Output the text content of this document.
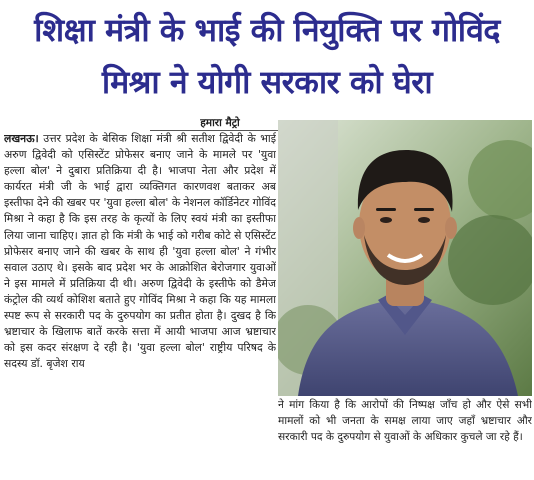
शिक्षा मंत्री के भाई की नियुक्ति पर गोविंद
मिश्रा ने योगी सरकार को घेरा
हमारा मैट्रो

लखनऊ। उत्तर प्रदेश के बेसिक शिक्षा मंत्री श्री सतीश द्विवेदी के भाई अरुण द्विवेदी को एसिस्टेंट प्रोफेसर बनाए जाने के मामले पर 'युवा हल्ला बोल' ने दुबारा प्रतिक्रिया दी है। भाजपा नेता और प्रदेश में कार्यरत मंत्री जी के भाई द्वारा व्यक्तिगत कारणवश बताकर अब इस्तीफा देने की खबर पर 'युवा हल्ला बोल' के नेशनल कॉर्डिनेटर गोविंद मिश्रा ने कहा है कि इस तरह के कृत्यों के लिए स्वयं मंत्री का इस्तीफा लिया जाना चाहिए। ज्ञात हो कि मंत्री के भाई को गरीब कोटे से एसिस्टेंट प्रोफेसर बनाए जाने की खबर के साथ ही 'युवा हल्ला बोल' ने गंभीर सवाल उठाए थे। इसके बाद प्रदेश भर के आक्रोशित बेरोजगार युवाओं ने इस मामले में प्रतिक्रिया दी थी। अरुण द्विवेदी के इस्तीफे को डैमेज कंट्रोल की व्यर्थ कोशिश बताते हुए गोविंद मिश्रा ने कहा कि यह मामला स्पष्ट रूप से सरकारी पद के दुरुपयोग का प्रतीत होता है। दुखद है कि भ्रष्टाचार के खिलाफ बातें करके सत्ता में आयी भाजपा आज भ्रष्टाचार को इस कदर संरक्षण दे रही है। 'युवा हल्ला बोल' राष्ट्रीय परिषद के सदस्य डॉ. बृजेश राय

ने मांग किया है कि आरोपों की निष्पक्ष जाँच हो और ऐसे सभी मामलों को भी जनता के समक्ष लाया जाए जहाँ भ्रष्टाचार और सरकारी पद के दुरुपयोग से युवाओं के अधिकार कुचले जा रहे हैं।
